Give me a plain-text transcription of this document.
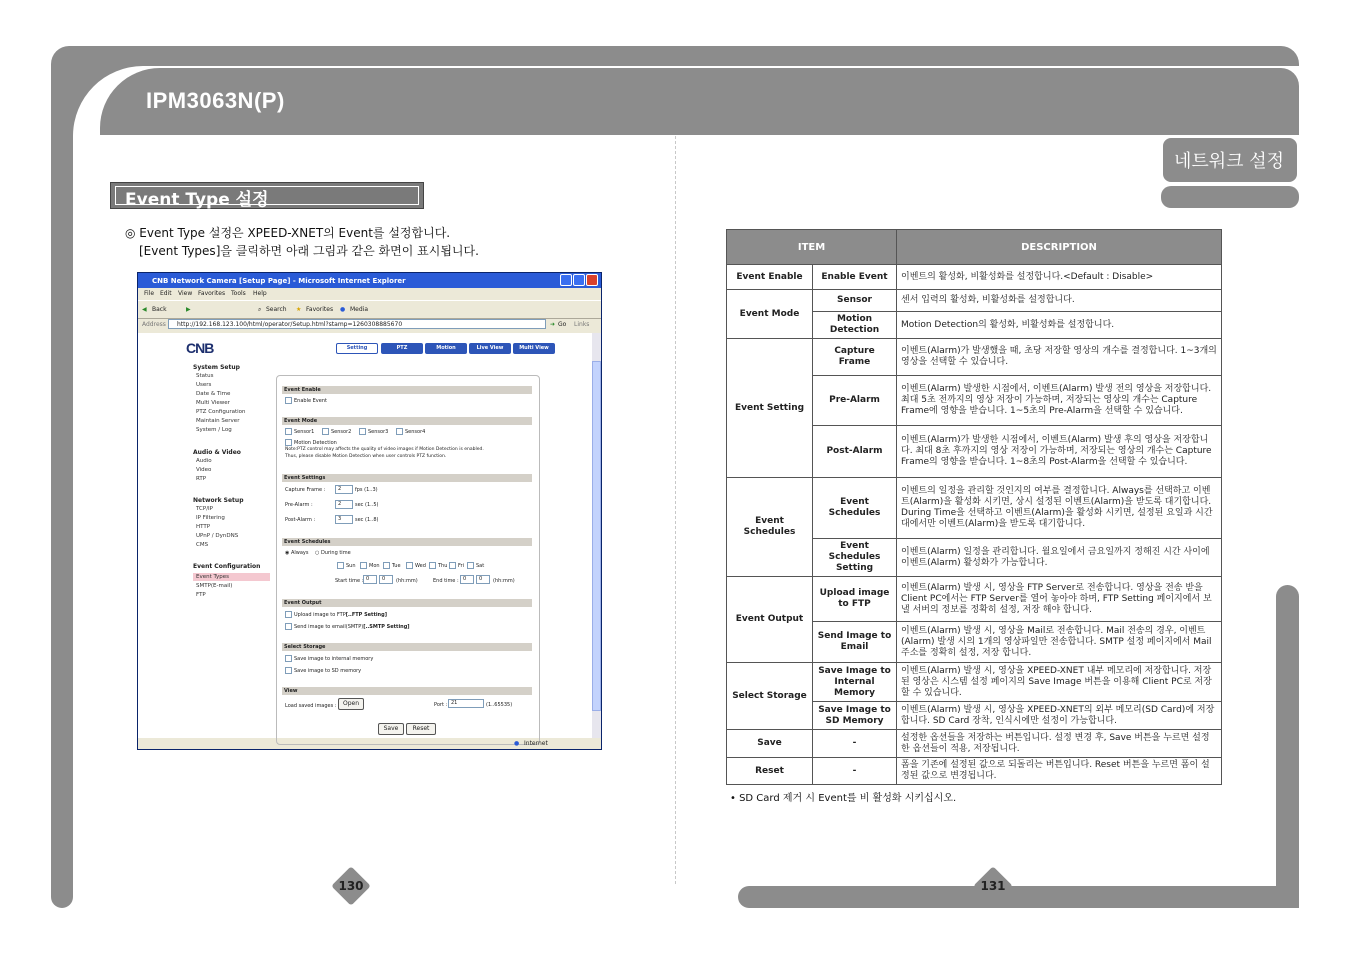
IPM3063N(P)
네트워크 설정
Event Type 설정
◎ Event Type 설정은 XPEED-XNET의 Event를 설정합니다.
[Event Types]을 클릭하면 아래 그림과 같은 화면이 표시됩니다.
CNB Network Camera [Setup Page] - Microsoft Internet Explorer
File Edit View Favorites Tools Help
◀ Back	▶	⌕ Search ★ Favorites ● Media
Address http://192.168.123.100/html/operator/Setup.html?stamp=1260308885670	➜ Go Links
CNB	Setting	PTZ	Motion	Live View	Multi View
System Setup
Status
Users
Date & Time
Multi Viewer
PTZ Configuration
Maintain Server
System / Log
Audio & Video
Audio
Video
RTP
Network Setup
TCP/IP
IP Filtering
HTTP
UPnP / DynDNS
CMS
Event Configuration
Event Types
SMTP(E-mail)
FTP
Event Enable
Enable Event
Event Mode
Sensor1	Sensor2	Sensor3	Sensor4
Motion Detection
Note:PTZ control may affects the quality of video images if Motion Detection is enabled.
Thus, please disable Motion Detection when user controls PTZ function.
Event Settings
Capture Frame :	2	fps (1..3)
Pre-Alarm :	2	sec (1..5)
Post-Alarm :	3	sec (1..8)
Event Schedules
◉ Always ○ During time
Sun	Mon	Tue	Wed	Thu	Fri	Sat
Start time : 0	0 (hh:mm)	End time : 0	0 (hh:mm)
Event Output
Upload image to FTP[..FTP Setting]
Send image to email(SMTP)[..SMTP Setting]
Select Storage
Save image to internal memory
Save image to SD memory
View
Load saved images :	Open	Port : 21	(1..65535)
Save	Reset
● Internet
130
ITEM		DESCRIPTION
Event Enable	Enable Event	이벤트의 활성화, 비활성화를 설정합니다.<Default : Disable>
Event Mode	Sensor	센서 입력의 활성화, 비활성화를 설정합니다.
	Motion Detection	Motion Detection의 활성화, 비활성화를 설정합니다.
Event Setting	Capture Frame	이벤트(Alarm)가 발생했을 때, 초당 저장할 영상의 개수를 결정합니다. 1~3개의 영상을 선택할 수 있습니다.
	Pre-Alarm	이벤트(Alarm) 발생한 시점에서, 이벤트(Alarm) 발생 전의 영상을 저장합니다. 최대 5초 전까지의 영상 저장이 가능하며, 저장되는 영상의 개수는 Capture Frame에 영향을 받습니다. 1~5초의 Pre-Alarm을 선택할 수 있습니다.
	Post-Alarm	이벤트(Alarm)가 발생한 시점에서, 이벤트(Alarm) 발생 후의 영상을 저장합니다. 최대 8초 후까지의 영상 저장이 가능하며, 저장되는 영상의 개수는 Capture Frame의 영향을 받습니다. 1~8초의 Post-Alarm을 선택할 수 있습니다.
Event Schedules	Event Schedules	이벤트의 일정을 관리할 것인지의 여부를 결정합니다. Always를 선택하고 이벤트(Alarm)을 활성화 시키면, 상시 설정된 이벤트(Alarm)을 받도록 대기합니다. During Time을 선택하고 이벤트(Alarm)을 활성화 시키면, 설정된 요일과 시간대에서만 이벤트(Alarm)을 받도록 대기합니다.
	Event Schedules Setting	이벤트(Alarm) 일정을 관리합니다. 월요일에서 금요일까지 정해진 시간 사이에 이벤트(Alarm) 활성화가 가능합니다.
Event Output	Upload image to FTP	이벤트(Alarm) 발생 시, 영상을 FTP Server로 전송합니다. 영상을 전송 받을 Client PC에서는 FTP Server를 열어 놓아야 하며, FTP Setting 페이지에서 보낼 서버의 정보를 정확히 설정, 저장 해야 합니다.
	Send Image to Email	이벤트(Alarm) 발생 시, 영상을 Mail로 전송합니다. Mail 전송의 경우, 이벤트(Alarm) 발생 시의 1개의 영상파일만 전송합니다. SMTP 설정 페이지에서 Mail 주소를 정확히 설정, 저장 합니다.
Select Storage	Save Image to Internal Memory	이벤트(Alarm) 발생 시, 영상을 XPEED-XNET 내부 메모리에 저장합니다. 저장된 영상은 시스템 설정 페이지의 Save Image 버튼을 이용해 Client PC로 저장 할 수 있습니다.
	Save Image to SD Memory	이벤트(Alarm) 발생 시, 영상을 XPEED-XNET의 외부 메모리(SD Card)에 저장합니다. SD Card 장착, 인식시에만 설정이 가능합니다.
Save	-	설정한 옵션들을 저장하는 버튼입니다. 설정 변경 후, Save 버튼을 누르면 설정한 옵션들이 적용, 저장됩니다.
Reset	-	폼을 기존에 설정된 값으로 되돌리는 버튼입니다. Reset 버튼을 누르면 폼이 설정된 값으로 변경됩니다.
• SD Card 제거 시 Event를 비 활성화 시키십시오.
131
